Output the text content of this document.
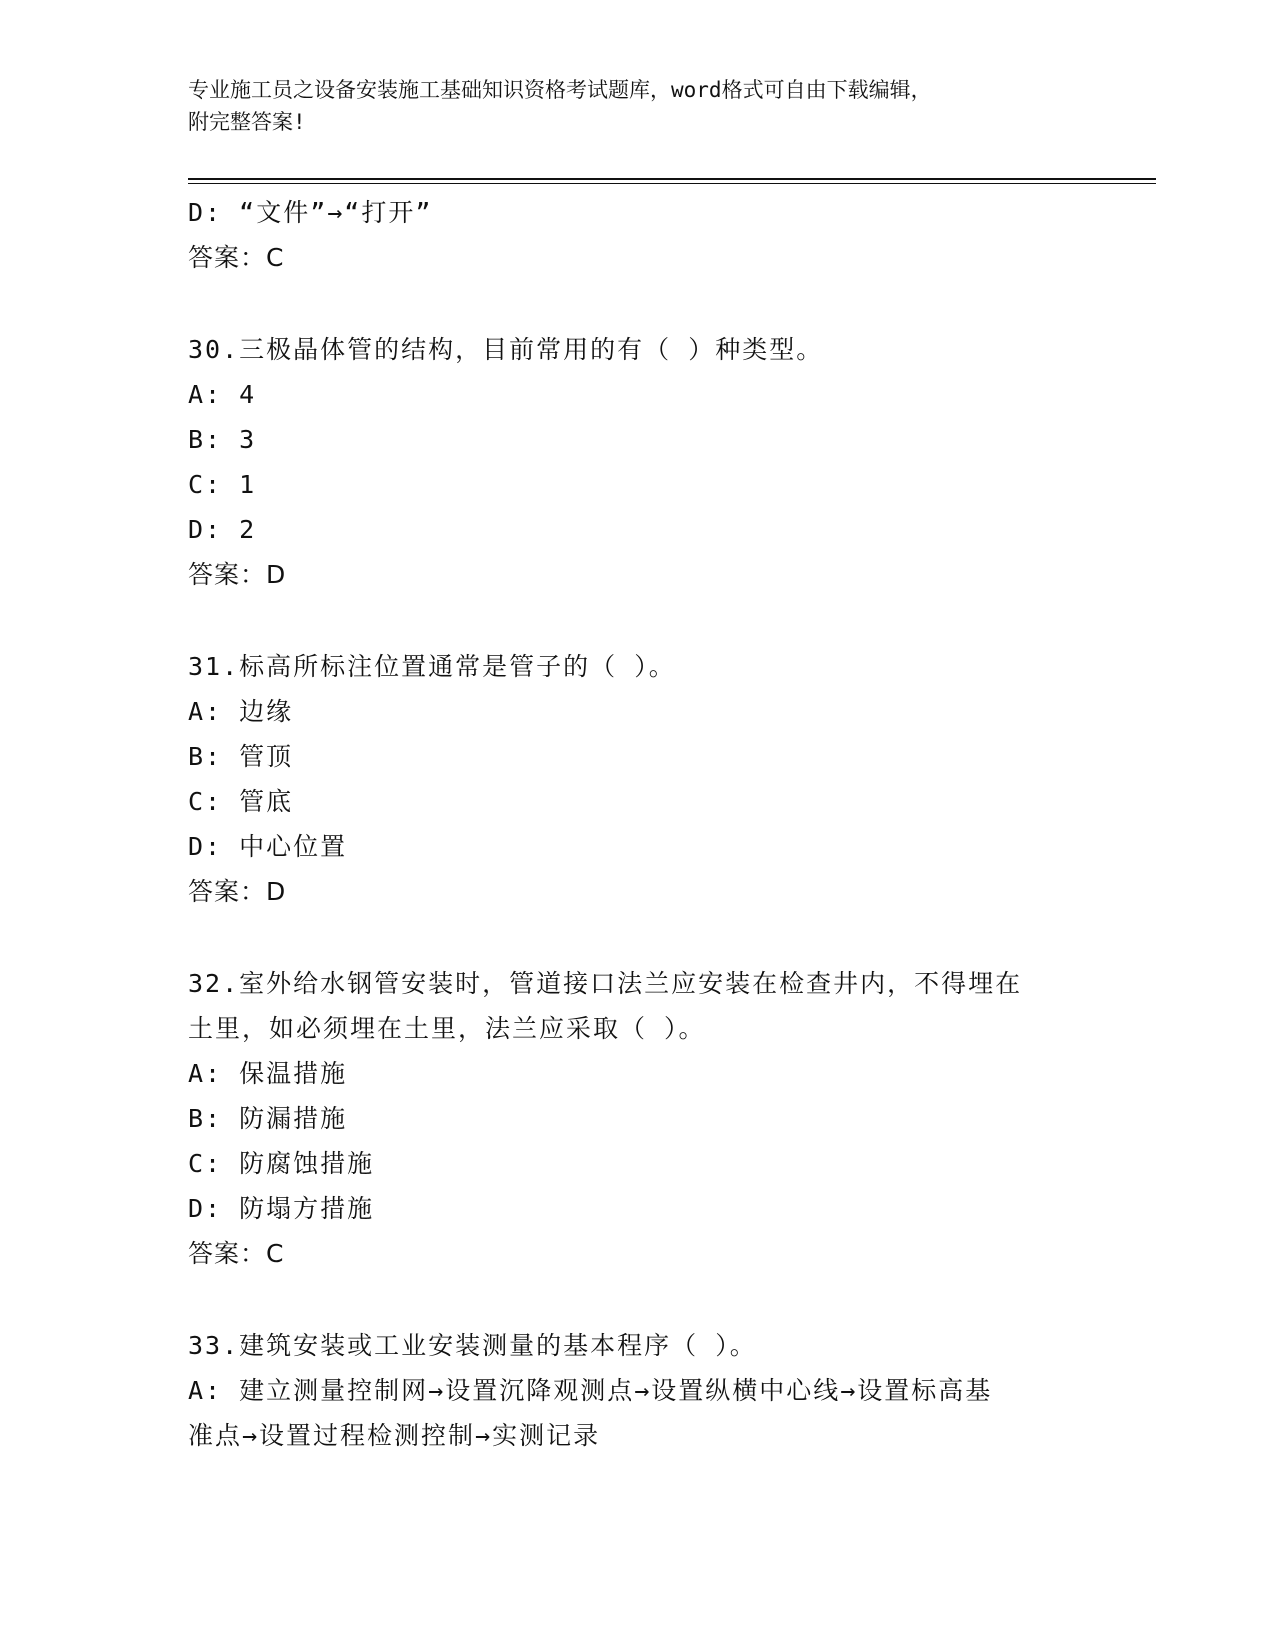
专业施工员之设备安装施工基础知识资格考试题库，word格式可自由下载编辑，
附完整答案!
D: “文件”→“打开”
答案：C
30.三极晶体管的结构，目前常用的有（ ）种类型。
A: 4
B: 3
C: 1
D: 2
答案：D
31.标高所标注位置通常是管子的（ ）。
A: 边缘
B: 管顶
C: 管底
D: 中心位置
答案：D
32.室外给水钢管安装时，管道接口法兰应安装在检查井内，不得埋在
土里，如必须埋在土里，法兰应采取（ ）。
A: 保温措施
B: 防漏措施
C: 防腐蚀措施
D: 防塌方措施
答案：C
33.建筑安装或工业安装测量的基本程序（ ）。
A: 建立测量控制网→设置沉降观测点→设置纵横中心线→设置标高基
准点→设置过程检测控制→实测记录
